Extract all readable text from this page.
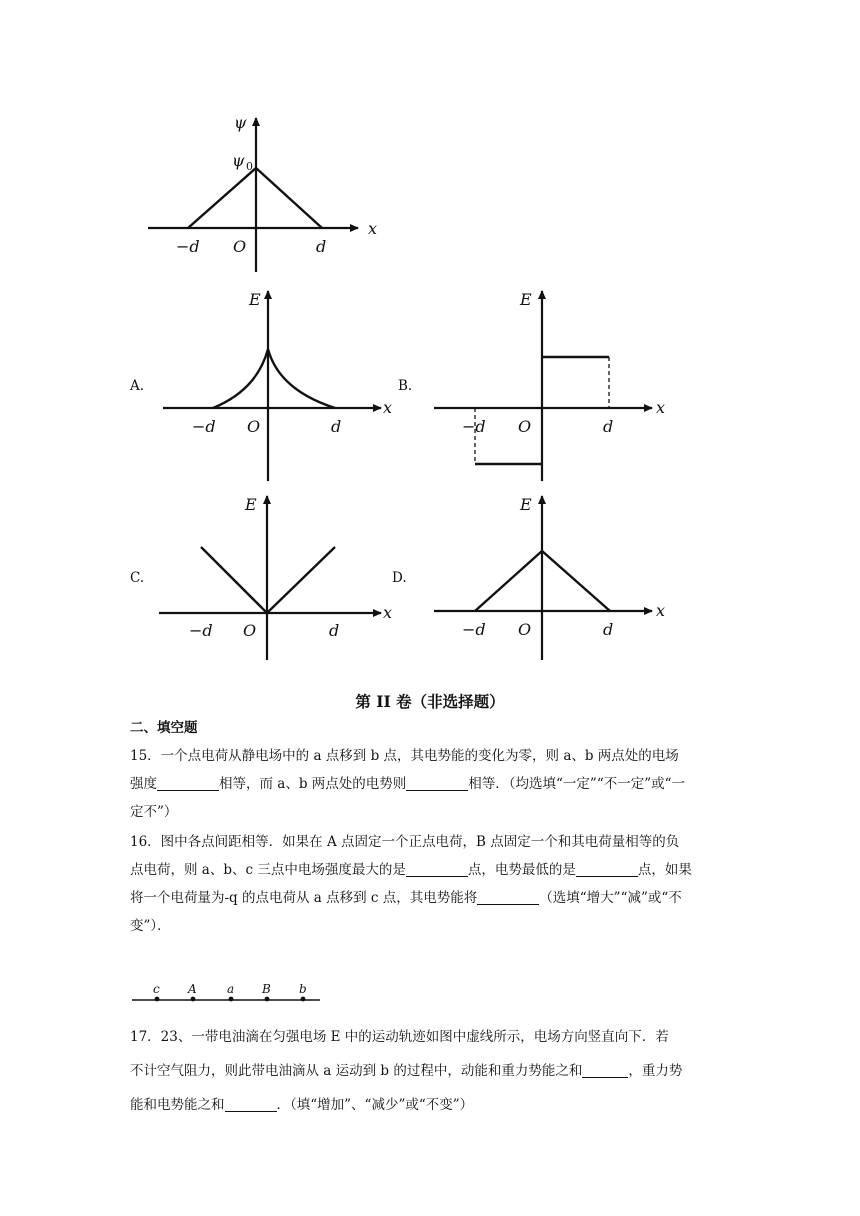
ψ
ψ 0
x
−d O	d
A.
E
x
−d O	d
B.
E
x
−d O	d
C.
E
x
−d O	d
D.
E
x
−d O	d
第 II 卷（非选择题）
二、填空题
15．一个点电荷从静电场中的 a 点移到 b 点，其电势能的变化为零，则 a、b 两点处的电场
强度	相等，而 a、b 两点处的电势则	相等．（均选填“一定”“不一定”或“一
定不”）
16．图中各点间距相等．如果在 A 点固定一个正点电荷，B 点固定一个和其电荷量相等的负
点电荷，则 a、b、c 三点中电场强度最大的是	点，电势最低的是	点，如果
将一个电荷量为-q 的点电荷从 a 点移到 c 点，其电势能将	（选填“增大”“减”或“不
变”）．
c A	a B b
17．23、一带电油滴在匀强电场 E 中的运动轨迹如图中虚线所示，电场方向竖直向下．若
不计空气阻力，则此带电油滴从 a 运动到 b 的过程中，动能和重力势能之和	，重力势
能和电势能之和	．（填“增加”、“减少”或“不变”）
